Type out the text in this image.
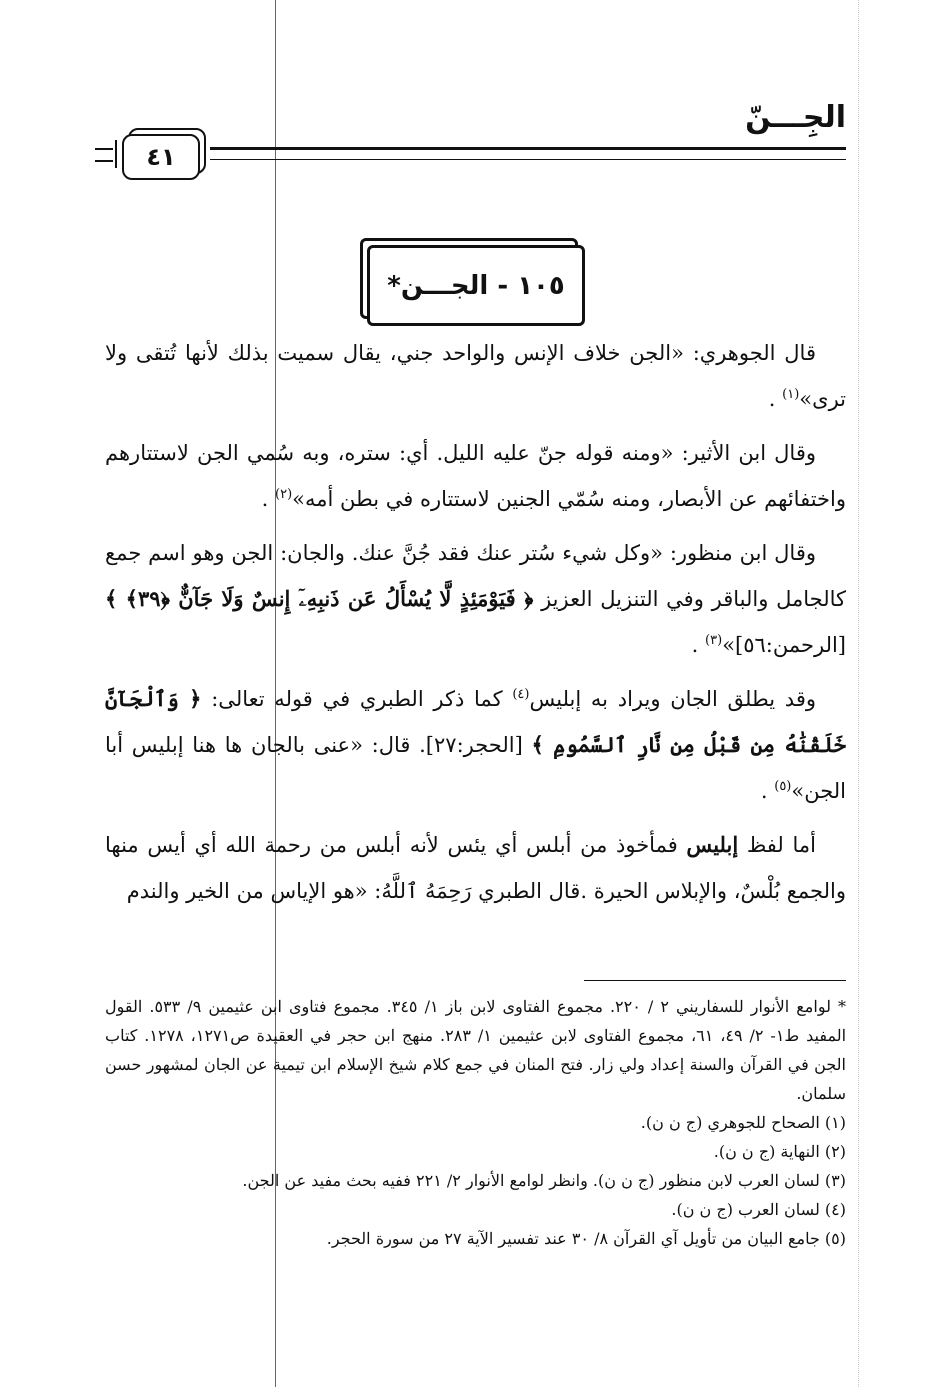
الجِـــنّ
٤١
١٠٥ - الجـــن*

قال الجوهري: «الجن خلاف الإنس والواحد جني، يقال سميت بذلك لأنها تُتقى ولا ترى»$^{(١)}$ .

وقال ابن الأثير: «ومنه قوله جنّ عليه الليل. أي: ستره، وبه سُمي الجن لاستتارهم واختفائهم عن الأبصار، ومنه سُمّي الجنين لاستتاره في بطن أمه»$^{(٢)}$ .

وقال ابن منظور: «وكل شيء سُتر عنك فقد جُنَّ عنك. والجان: الجن وهو اسم جمع كالجامل والباقر وفي التنزيل العزيز ﴿ فَيَوْمَئِذٍ لَّا يُسْأَلُ عَن ذَنبِهِۦٓ إِنسٌ وَلَا جَآنٌّ ﴿٣٩﴾ ﴾ [الرحمن:٥٦]»$^{(٣)}$ .

وقد يطلق الجان ويراد به إبليس$^{(٤)}$ كما ذكر الطبري في قوله تعالى: ﴿ وَٱلْجَآنَّ خَلَقْنَٰهُ مِن قَبْلُ مِن نَّارِ ٱلسَّمُومِ ﴾ [الحجر:٢٧]. قال: «عنى بالجان ها هنا إبليس أبا الجن»$^{(٥)}$ .

أما لفظ إبليس فمأخوذ من أبلس أي يئس لأنه أبلس من رحمة الله أي أيس منها والجمع بُلْسٌ، والإبلاس الحيرة .قال الطبري رَحِمَهُ ٱللَّهُ: «هو الإياس من الخير والندم

* لوامع الأنوار للسفاريني ٢ / ٢٢٠. مجموع الفتاوى لابن باز ١/ ٣٤٥. مجموع فتاوى ابن عثيمين ٩/ ٥٣٣. القول المفيد ط١- ٢/ ٤٩، ٦١، مجموع الفتاوى لابن عثيمين ١/ ٢٨٣. منهج ابن حجر في العقيدة ص١٢٧١، ١٢٧٨. كتاب الجن في القرآن والسنة إعداد ولي زار. فتح المنان في جمع كلام شيخ الإسلام ابن تيمية عن الجان لمشهور حسن سلمان.
(١) الصحاح للجوهري (ج ن ن).
(٢) النهاية (ج ن ن).
(٣) لسان العرب لابن منظور (ج ن ن). وانظر لوامع الأنوار ٢/ ٢٢١ ففيه بحث مفيد عن الجن.
(٤) لسان العرب (ج ن ن).
(٥) جامع البيان من تأويل آي القرآن ٨/ ٣٠ عند تفسير الآية ٢٧ من سورة الحجر.
